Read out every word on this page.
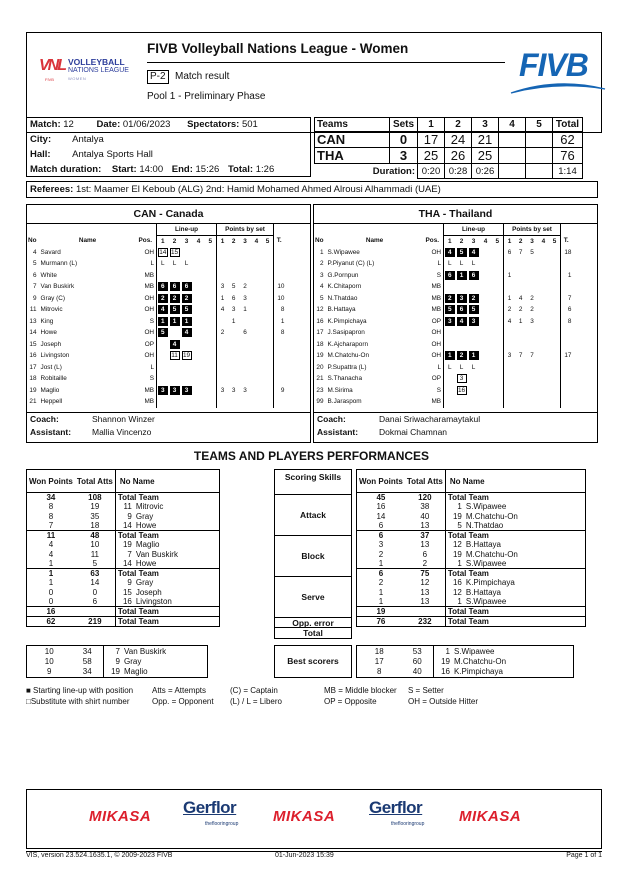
VNL
FIVB
VOLLEYBALL
NATIONS LEAGUE
WOMEN
FIVB Volleyball Nations League - Women
P-2 Match result
Pool 1 - Preliminary Phase
FIVB
Match: 12 Date: 01/06/2023 Spectators: 501
City: Antalya
Hall: Antalya Sports Hall
Match duration: Start: 14:00 End: 15:26 Total: 1:26
Teams	Sets	1	2	3	4	5	Total
CAN	0	17	24	21			62
THA	3	25	26	25			76
Duration:		0:20	0:28	0:26			1:14
Referees: 1st: Maamer El Keboub (ALG) 2nd: Hamid Mohamed Ahmed Alrousi Alhammadi (UAE)
CAN - Canada
			Line-up					Points by set					
No	Name	Pos.	1	2	3	4	5	1	2	3	4	5	T.
4	Savard	OH	14	15									
5	Murmann (L)	L	L	L	L								
6	White	MB											
7	Van Buskirk	MB	6	6	6			3	5	2			10
9	Gray (C)	OH	2	2	2			1	6	3			10
11	Mitrovic	OH	4	5	5			4	3	1			8
13	King	S	1	1	1				1				1
14	Howe	OH	5		4			2		6			8
15	Joseph	OP		4									
16	Livingston	OH		11	19								
17	Jost (L)	L											
18	Robitaille	S											
19	Maglio	MB	3	3	3			3	3	3			9
21	Heppell	MB											
Coach:	Shannon Winzer
Assistant: Mallia Vincenzo
THA - Thailand
			Line-up					Points by set					
No	Name	Pos.	1	2	3	4	5	1	2	3	4	5	T.
1	S.Wipawee	OH	4	5	4			6	7	5			18
2	P.Piyanut (C) (L)	L	L	L	L								
3	G.Pornpun	S	6	1	6			1					1
4	K.Chitaporn	MB											
5	N.Thatdao	MB	2	3	2			1	4	2			7
12	B.Hattaya	MB	5	6	5			2	2	2			6
16	K.Pimpichaya	OP	3	4	3			4	1	3			8
17	J.Sasipapron	OH											
18	K.Ajcharaporn	OH											
19	M.Chatchu-On	OH	1	2	1			3	7	7			17
20	P.Supattra (L)	L	L	L	L								
21	S.Thanacha	OP		3									
23	M.Sirima	S		16									
99	B.Jaraspom	MB											
Coach:	Danai Sriwacharamaytakul
Assistant: Dokmai Chamnan
TEAMS AND PLAYERS PERFORMANCES
Won Points	Total Atts	No Name
34	108	Total Team
8	19	11 Mitrovic
8	35	9 Gray
7	18	14 Howe
11	48	Total Team
4	10	19 Maglio
4	11	7 Van Buskirk
1	5	14 Howe
1	63	Total Team
1	14	9 Gray
0	0	15 Joseph
0	6	16 Livingston
16		Total Team
62	219	Total Team
Scoring Skills
Attack
Block
Serve
Opp. error
Total
Won Points	Total Atts	No Name
45	120	Total Team
16	38	1 S.Wipawee
14	40	19 M.Chatchu-On
6	13	5 N.Thatdao
6	37	Total Team
3	13	12 B.Hattaya
2	6	19 M.Chatchu-On
1	2	1 S.Wipawee
6	75	Total Team
2	12	16 K.Pimpichaya
1	13	12 B.Hattaya
1	13	1 S.Wipawee
19		Total Team
76	232	Total Team
10	34	7 Van Buskirk
10	58	9 Gray
9	34	19 Maglio
Best scorers
18	53	1 S.Wipawee
17	60	19 M.Chatchu-On
8	40	16 K.Pimpichaya
■ Starting line-up with position Atts = Attempts	(C) = Captain	MB = Middle blocker S = Setter
□Substitute with shirt number	Opp. = Opponent (L) / L = Libero	OP = Opposite	OH = Outside Hitter
MIKASA Gerflor
theflooringroup MIKASA Gerflor
theflooringroup MIKASA
VIS, version 23.524.1635.1, © 2009-2023 FIVB	01-Jun-2023 15:39	Page 1 of 1
